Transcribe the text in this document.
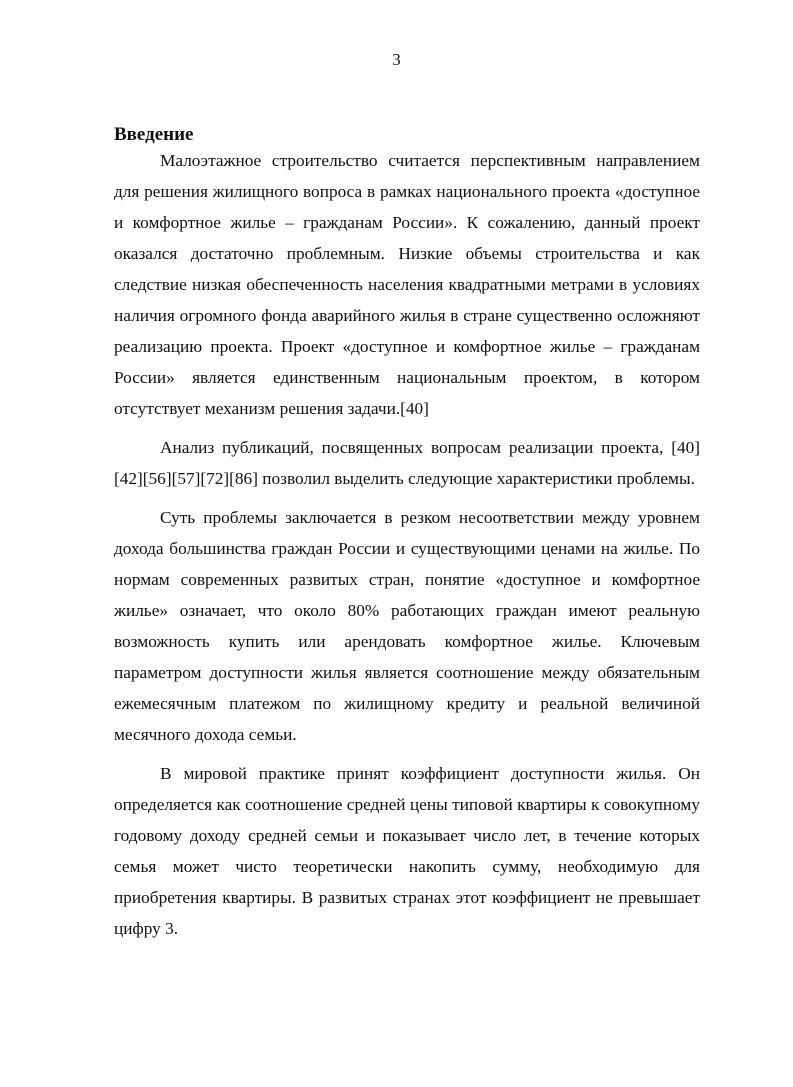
3
Введение

Малоэтажное строительство считается перспективным направлением для решения жилищного вопроса в рамках национального проекта «доступное и комфортное жилье – гражданам России». К сожалению, данный проект оказался достаточно проблемным. Низкие объемы строительства и как следствие низкая обеспеченность населения квадратными метрами в условиях наличия огромного фонда аварийного жилья в стране существенно осложняют реализацию проекта. Проект «доступное и комфортное жилье – гражданам России» является единственным национальным проектом, в котором отсутствует механизм решения задачи.[40]

Анализ публикаций, посвященных вопросам реализации проекта, [40][42][56][57][72][86] позволил выделить следующие характеристики проблемы.

Суть проблемы заключается в резком несоответствии между уровнем дохода большинства граждан России и существующими ценами на жилье. По нормам современных развитых стран, понятие «доступное и комфортное жилье» означает, что около 80% работающих граждан имеют реальную возможность купить или арендовать комфортное жилье. Ключевым параметром доступности жилья является соотношение между обязательным ежемесячным платежом по жилищному кредиту и реальной величиной месячного дохода семьи.

В мировой практике принят коэффициент доступности жилья. Он определяется как соотношение средней цены типовой квартиры к совокупному годовому доходу средней семьи и показывает число лет, в течение которых семья может чисто теоретически накопить сумму, необходимую для приобретения квартиры. В развитых странах этот коэффициент не превышает цифру 3.
